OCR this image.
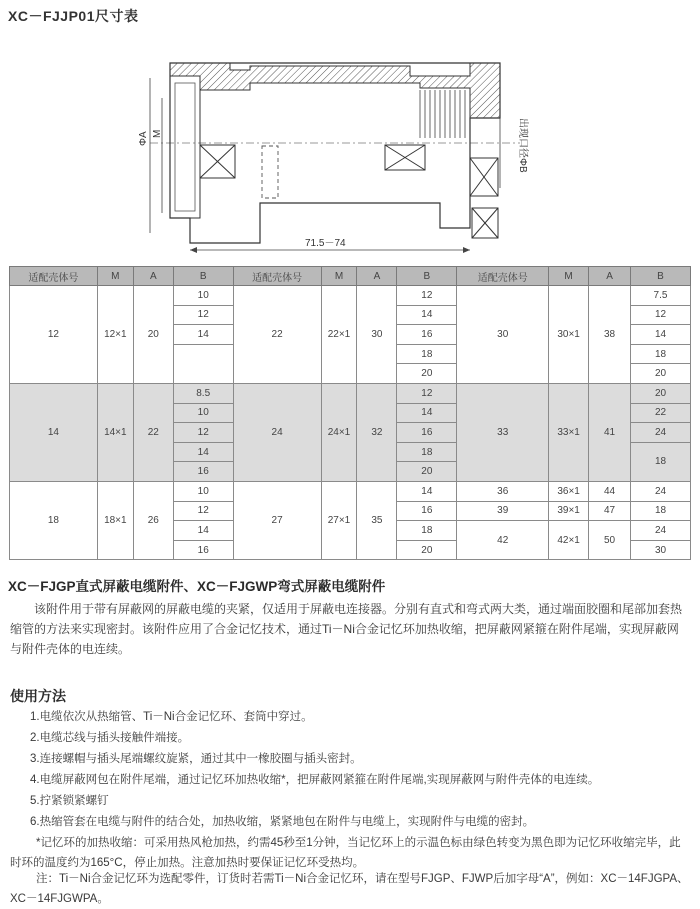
XC－FJJP01尺寸表
71.5－74
ΦA M	出现口径ΦB
适配壳体号	M	A	B	适配壳体号	M	A	B	适配壳体号	M	A	B
12	12×1	20	10	22	22×1	30	12	30	30×1	38	7.5
			12				14				12
			14				16				14
							18				18
							20				20
14	14×1	22	8.5	24	24×1	32	12	33	33×1	41	20
			10				14				22
			12				16				24
			14				18				18
			16				20				
18	18×1	26	10	27	27×1	35	14	36	36×1	44	24
			12				16	39	39×1	47	18
			14				18	42	42×1	50	24
			16				20				30
XC－FJGP直式屏蔽电缆附件、XC－FJGWP弯式屏蔽电缆附件
该附件用于带有屏蔽网的屏蔽电缆的夹紧，仅适用于屏蔽电连接器。分别有直式和弯式两大类，通过端面胶圈和尾部加套热缩管的方法来实现密封。该附件应用了合金记忆技术，通过Ti－Ni合金记忆环加热收缩，把屏蔽网紧箍在附件尾端，实现屏蔽网与附件壳体的电连续。
使用方法
1.电缆依次从热缩管、Ti－Ni合金记忆环、套筒中穿过。
2.电缆芯线与插头接触件端接。
3.连接螺帽与插头尾端螺纹旋紧，通过其中一橡胶圈与插头密封。
4.电缆屏蔽网包在附件尾端，通过记忆环加热收缩*，把屏蔽网紧箍在附件尾端,实现屏蔽网与附件壳体的电连续。
5.拧紧锁紧螺钉
6.热缩管套在电缆与附件的结合处，加热收缩，紧紧地包在附件与电缆上，实现附件与电缆的密封。
*记忆环的加热收缩：可采用热风枪加热，约需45秒至1分钟，当记忆环上的示温色标由绿色转变为黑色即为记忆环收缩完毕，此时环的温度约为165°C，停止加热。注意加热时要保证记忆环受热均。
注：Ti－Ni合金记忆环为选配零件，订货时若需Ti－Ni合金记忆环，请在型号FJGP、FJWP后加字母“A”，例如：XC－14FJGPA、XC－14FJGWPA。
